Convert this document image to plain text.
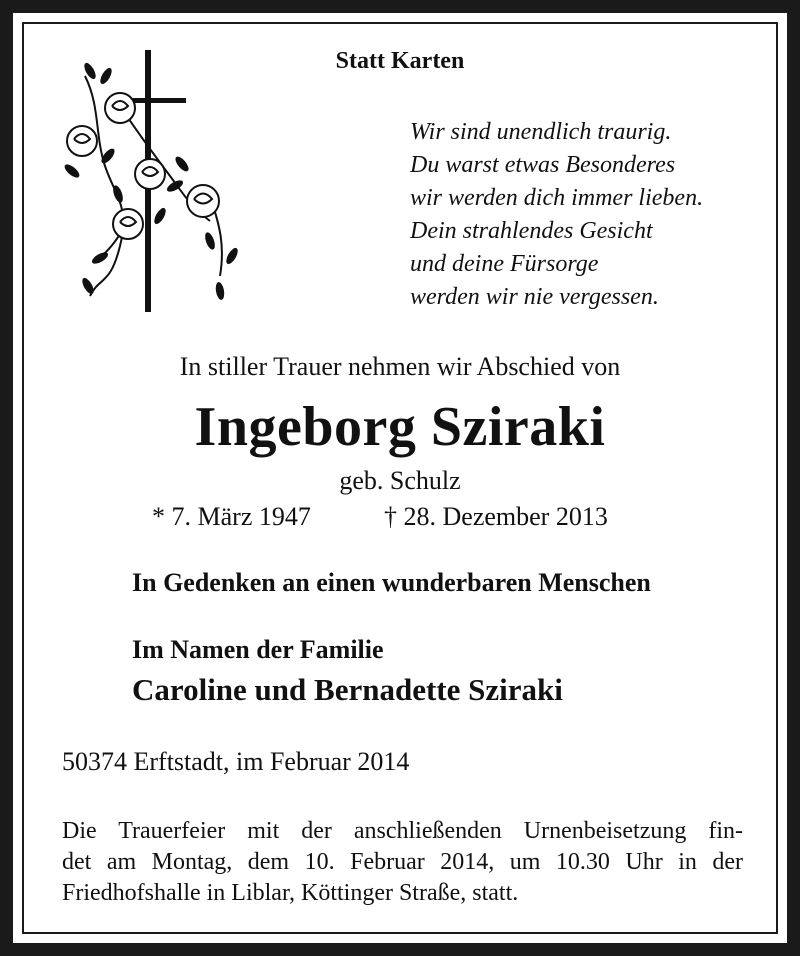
Statt Karten
Wir sind unendlich traurig.
Du warst etwas Besonderes
wir werden dich immer lieben.
Dein strahlendes Gesicht
und deine Fürsorge
werden wir nie vergessen.
In stiller Trauer nehmen wir Abschied von
Ingeborg Sziraki
geb. Schulz
* 7. März 1947	† 28. Dezember 2013
In Gedenken an einen wunderbaren Menschen
Im Namen der Familie
Caroline und Bernadette Sziraki
50374 Erftstadt, im Februar 2014
Die Trauerfeier mit der anschließenden Urnenbeisetzung fin-
det am Montag, dem 10. Februar 2014, um 10.30 Uhr in der
Friedhofshalle in Liblar, Köttinger Straße, statt.
